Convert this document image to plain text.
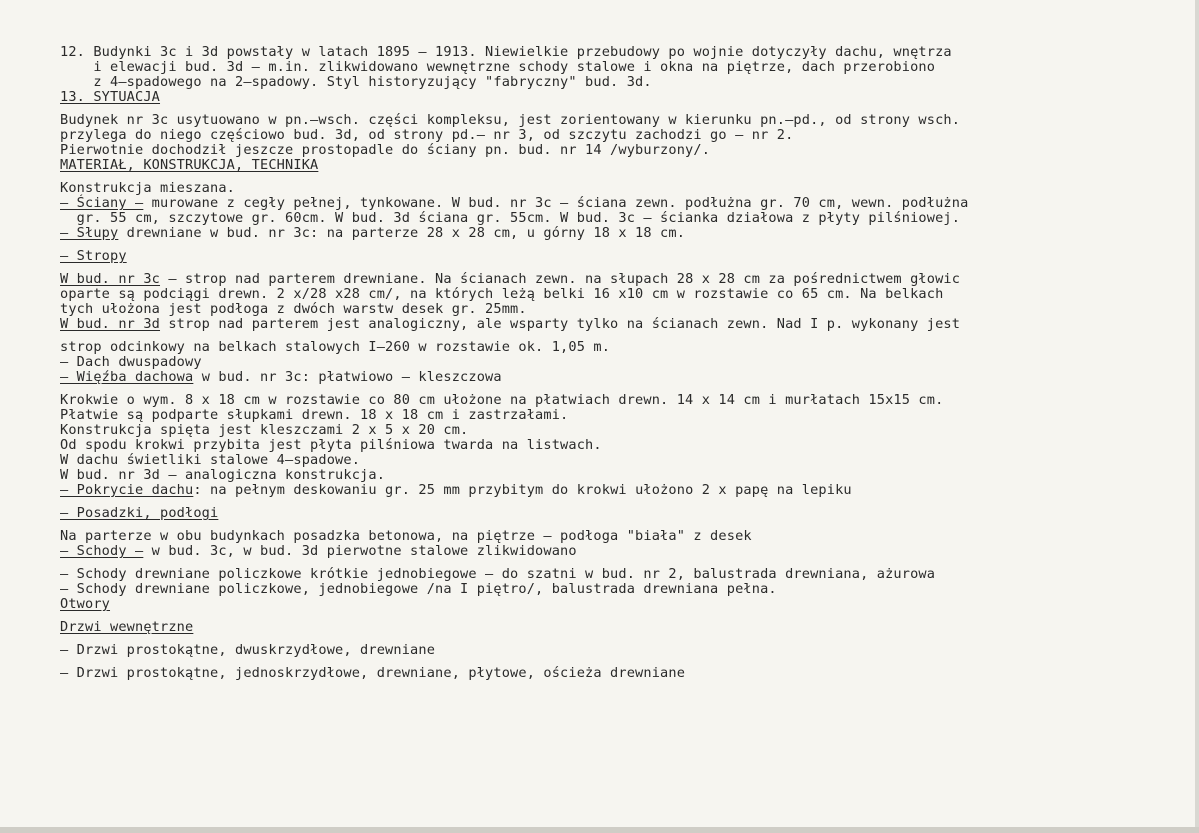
12. Budynki 3c i 3d powstały w latach 1895 – 1913. Niewielkie przebudowy po wojnie dotyczyły dachu, wnętrza
i elewacji bud. 3d – m.in. zlikwidowano wewnętrzne schody stalowe i okna na piętrze, dach przerobiono
z 4–spadowego na 2–spadowy. Styl historyzujący "fabryczny" bud. 3d.
13. SYTUACJA
Budynek nr 3c usytuowano w pn.–wsch. części kompleksu, jest zorientowany w kierunku pn.–pd., od strony wsch.
przylega do niego częściowo bud. 3d, od strony pd.– nr 3, od szczytu zachodzi go – nr 2.
Pierwotnie dochodził jeszcze prostopadle do ściany pn. bud. nr 14 /wyburzony/.
MATERIAŁ, KONSTRUKCJA, TECHNIKA
Konstrukcja mieszana.
– Ściany – murowane z cegły pełnej, tynkowane. W bud. nr 3c – ściana zewn. podłużna gr. 70 cm, wewn. podłużna
gr. 55 cm, szczytowe gr. 60cm. W bud. 3d ściana gr. 55cm. W bud. 3c – ścianka działowa z płyty pilśniowej.
– Słupy drewniane w bud. nr 3c: na parterze 28 x 28 cm, u górny 18 x 18 cm.
– Stropy
W bud. nr 3c – strop nad parterem drewniane. Na ścianach zewn. na słupach 28 x 28 cm za pośrednictwem głowic
oparte są podciągi drewn. 2 x/28 x28 cm/, na których leżą belki 16 x10 cm w rozstawie co 65 cm. Na belkach
tych ułożona jest podłoga z dwóch warstw desek gr. 25mm.
W bud. nr 3d strop nad parterem jest analogiczny, ale wsparty tylko na ścianach zewn. Nad I p. wykonany jest
strop odcinkowy na belkach stalowych I–260 w rozstawie ok. 1,05 m.
– Dach dwuspadowy
– Więźba dachowa w bud. nr 3c: płatwiowo – kleszczowa
Krokwie o wym. 8 x 18 cm w rozstawie co 80 cm ułożone na płatwiach drewn. 14 x 14 cm i murłatach 15x15 cm.
Płatwie są podparte słupkami drewn. 18 x 18 cm i zastrzałami.
Konstrukcja spięta jest kleszczami 2 x 5 x 20 cm.
Od spodu krokwi przybita jest płyta pilśniowa twarda na listwach.
W dachu świetliki stalowe 4–spadowe.
W bud. nr 3d – analogiczna konstrukcja.
– Pokrycie dachu: na pełnym deskowaniu gr. 25 mm przybitym do krokwi ułożono 2 x papę na lepiku
– Posadzki, podłogi
Na parterze w obu budynkach posadzka betonowa, na piętrze – podłoga "biała" z desek
– Schody – w bud. 3c, w bud. 3d pierwotne stalowe zlikwidowano
– Schody drewniane policzkowe krótkie jednobiegowe – do szatni w bud. nr 2, balustrada drewniana, ażurowa
– Schody drewniane policzkowe, jednobiegowe /na I piętro/, balustrada drewniana pełna.
Otwory
Drzwi wewnętrzne
– Drzwi prostokątne, dwuskrzydłowe, drewniane
– Drzwi prostokątne, jednoskrzydłowe, drewniane, płytowe, ościeża drewniane
